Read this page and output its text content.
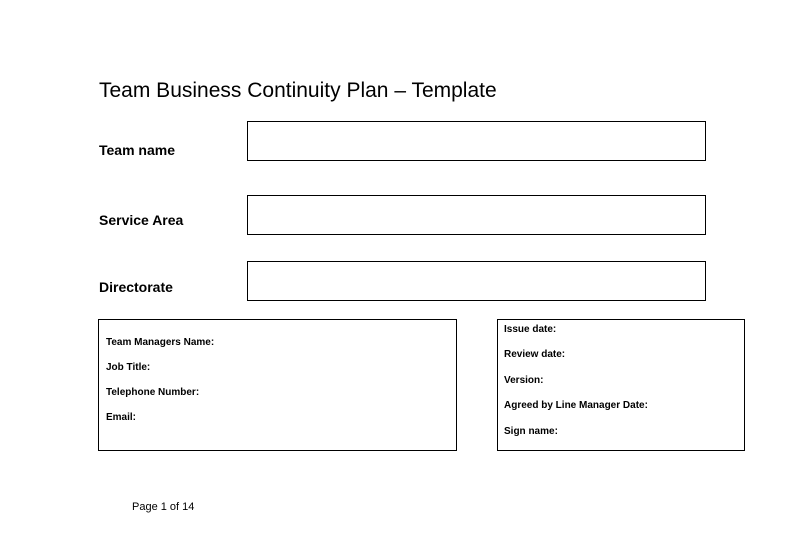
Team Business Continuity Plan – Template
Team name
Service Area
Directorate
Team Managers Name:
Job Title:
Telephone Number:
Email:
Issue date:
Review date:
Version:
Agreed by Line Manager Date:
Sign name:
Page 1 of 14
